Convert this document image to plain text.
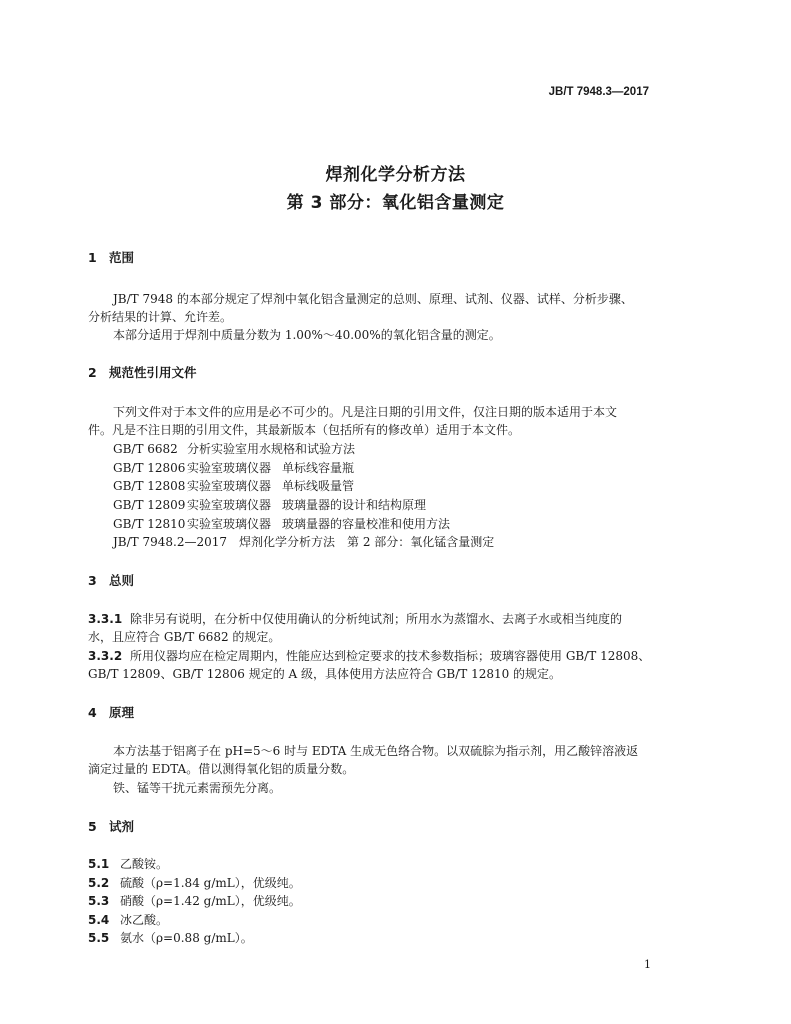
JB/T 7948.3—2017
焊剂化学分析方法
第 3 部分：氧化铝含量测定
1 范围
JB/T 7948 的本部分规定了焊剂中氧化铝含量测定的总则、原理、试剂、仪器、试样、分析步骤、
分析结果的计算、允许差。
本部分适用于焊剂中质量分数为 1.00%～40.00%的氧化铝含量的测定。
2 规范性引用文件
下列文件对于本文件的应用是必不可少的。凡是注日期的引用文件，仅注日期的版本适用于本文
件。凡是不注日期的引用文件，其最新版本（包括所有的修改单）适用于本文件。
GB/T 6682 分析实验室用水规格和试验方法
GB/T 12806 实验室玻璃仪器 单标线容量瓶
GB/T 12808 实验室玻璃仪器 单标线吸量管
GB/T 12809 实验室玻璃仪器 玻璃量器的设计和结构原理
GB/T 12810 实验室玻璃仪器 玻璃量器的容量校准和使用方法
JB/T 7948.2—2017　焊剂化学分析方法　第 2 部分：氧化锰含量测定
3 总则
3.3.1 除非另有说明，在分析中仅使用确认的分析纯试剂；所用水为蒸馏水、去离子水或相当纯度的
水，且应符合 GB/T 6682 的规定。
3.3.2 所用仪器均应在检定周期内，性能应达到检定要求的技术参数指标；玻璃容器使用 GB/T 12808、
GB/T 12809、GB/T 12806 规定的 A 级，具体使用方法应符合 GB/T 12810 的规定。
4 原理
本方法基于铝离子在 pH=5～6 时与 EDTA 生成无色络合物。以双硫腙为指示剂，用乙酸锌溶液返
滴定过量的 EDTA。借以测得氧化铝的质量分数。
铁、锰等干扰元素需预先分离。
5 试剂
5.1 乙酸铵。
5.2 硫酸（ρ=1.84 g/mL），优级纯。
5.3 硝酸（ρ=1.42 g/mL），优级纯。
5.4 冰乙酸。
5.5 氨水（ρ=0.88 g/mL）。
1
